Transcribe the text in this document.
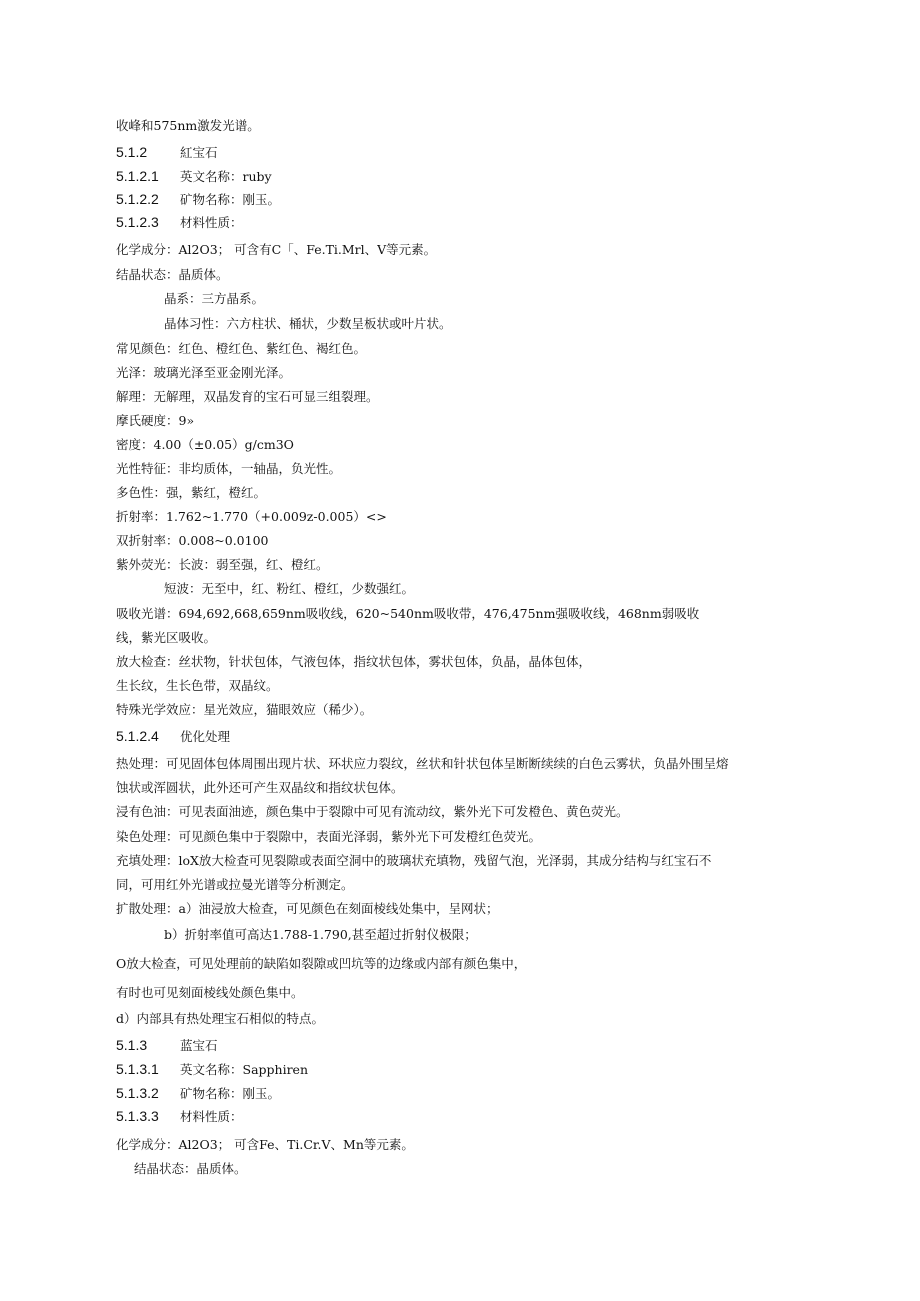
收峰和575nm激发光谱。
5.1.2	紅宝石
5.1.2.1 英文名称：ruby
5.1.2.2 矿物名称：刚玉。
5.1.2.3 材料性质：
化学成分：Al2O3； 可含有C「、Fe.Ti.Mrl、V等元素。
结晶状态：晶质体。
晶系：三方晶系。
晶体习性：六方柱状、桶状，少数呈板状或叶片状。
常见颜色：红色、橙红色、紫红色、褐红色。
光泽：玻璃光泽至亚金刚光泽。
解理：无解理，双晶发育的宝石可显三组裂理。
摩氏硬度：9»
密度：4.00（±0.05）g/cm3O
光性特征：非均质体，一轴晶，负光性。
多色性：强，紫红，橙红。
折射率：1.762~1.770（+0.009z-0.005）<>
双折射率：0.008~0.0100
紫外荧光：长波：弱至强，红、橙红。
短波：无至中，红、粉红、橙红，少数强红。
吸收光谱：694,692,668,659nm吸收线，620~540nm吸收带，476,475nm强吸收线，468nm弱吸收
线，紫光区吸收。
放大检查：丝状物，针状包体，气液包体，指纹状包体，雾状包体，负晶，晶体包体，
生长纹，生长色带，双晶纹。
特殊光学效应：星光效应，猫眼效应（稀少）。
5.1.2.4 优化处理
热处理：可见固体包体周围出现片状、环状应力裂纹，丝状和针状包体呈断断续续的白色云雾状，负晶外围呈熔
蚀状或浑圆状，此外还可产生双晶纹和指纹状包体。
浸有色油：可见表面油迹，颜色集中于裂隙中可见有流动纹，紫外光下可发橙色、黄色荧光。
染色处理：可见颜色集中于裂隙中，表面光泽弱，紫外光下可发橙红色荧光。
充填处理：loX放大检查可见裂隙或表面空洞中的玻璃状充填物，残留气泡，光泽弱，其成分结构与红宝石不
同，可用红外光谱或拉曼光谱等分析测定。
扩散处理：a）油浸放大检查，可见颜色在刻面棱线处集中，呈网状；
b）折射率值可高达1.788-1.790,甚至超过折射仪极限；
O放大检查，可见处理前的缺陷如裂隙或凹坑等的边缘或内部有颜色集中，
有时也可见刻面棱线处颜色集中。
d）内部具有热处理宝石相似的特点。
5.1.3	蓝宝石
5.1.3.1 英文名称：Sapphiren
5.1.3.2 矿物名称：刚玉。
5.1.3.3 材料性质：
化学成分：Al2O3； 可含Fe、Ti.Cr.V、Mn等元素。
结晶状态：晶质体。
